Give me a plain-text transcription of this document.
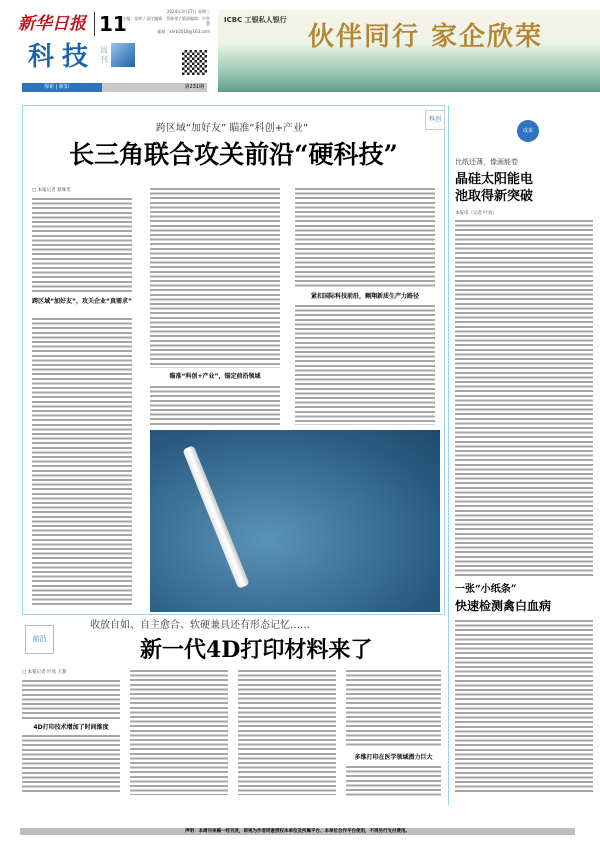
新华日报 11
2024年3月27日 星期三
主编：张婷 / 责任编辑：蔡姝雯 / 版面编辑：牛智慧
邮箱：xhrb2018@163.com
科技 周刊
探索 | 新知	第231期
ICBC 工银私人银行
伙伴同行 家企欣荣
科创
跨区域“加好友” 瞄准“科创+产业”
长三角联合攻关前沿“硬科技”
□ 本报记者 蔡姝雯
跨区域“加好友”，攻关企业“真需求”
瞄准“科创+产业”，锚定前沿领域
紧扣国际科技前沿，翱翔新质生产力路径
成果
比纸还薄，像画能卷
晶硅太阳能电池取得新突破
本报讯（记者 叶真）
一张“小纸条”
快速检测禽白血病
前沿
收放自如、自主愈合、软硬兼具还有形态记忆……
新一代4D打印材料来了
□ 本报记者 叶真 王甜
4D打印技术增加了时间维度
多维打印在医学领域潜力巨大
声明：本周刊来稿一经刊发，即视为作者同意授权本单位及所属平台、本单位合作平台使用，不再另行支付费用。
